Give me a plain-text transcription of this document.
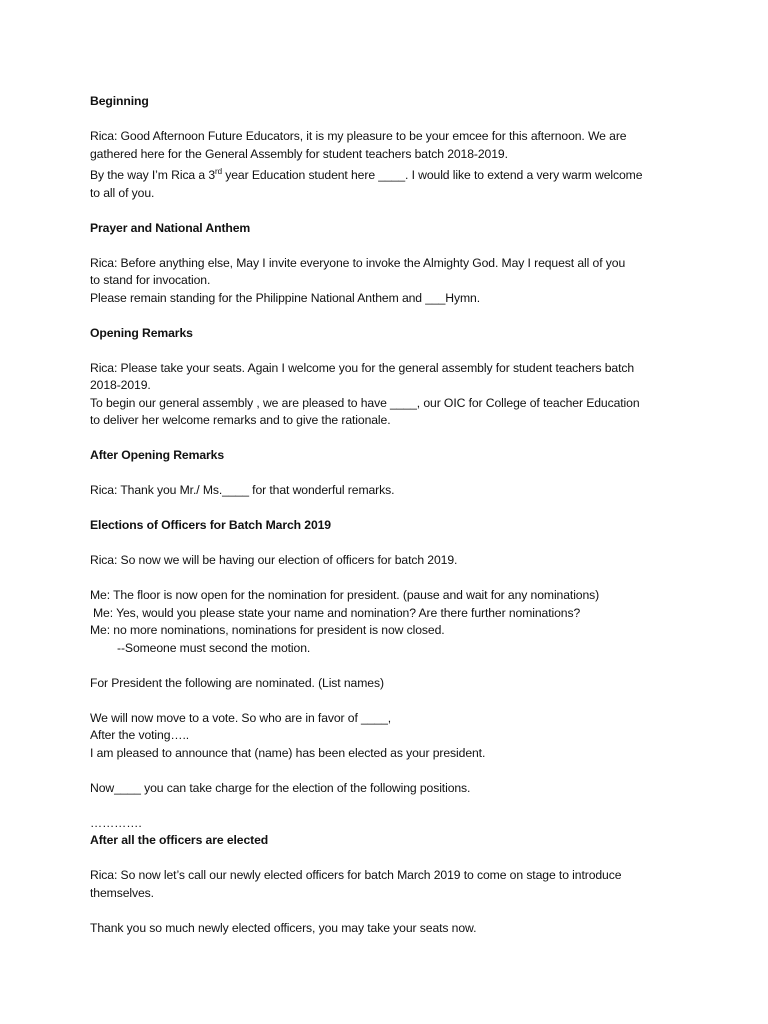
Beginning

Rica: Good Afternoon Future Educators, it is my pleasure to be your emcee for this afternoon. We are

gathered here for the General Assembly for student teachers batch 2018-2019.

By the way I’m Rica a 3rd year Education student here ____. I would like to extend a very warm welcome

to all of you.

Prayer and National Anthem

Rica: Before anything else, May I invite everyone to invoke the Almighty God. May I request all of you

to stand for invocation.

Please remain standing for the Philippine National Anthem and ___Hymn.

Opening Remarks

Rica: Please take your seats. Again I welcome you for the general assembly for student teachers batch

2018-2019.

To begin our general assembly , we are pleased to have ____, our OIC for College of teacher Education

to deliver her welcome remarks and to give the rationale.

After Opening Remarks

Rica: Thank you Mr./ Ms.____ for that wonderful remarks.

Elections of Officers for Batch March 2019

Rica: So now we will be having our election of officers for batch 2019.

Me: The floor is now open for the nomination for president. (pause and wait for any nominations)

Me: Yes, would you please state your name and nomination? Are there further nominations?

Me: no more nominations, nominations for president is now closed.

--Someone must second the motion.

For President the following are nominated. (List names)

We will now move to a vote. So who are in favor of ____,

After the voting…..

I am pleased to announce that (name) has been elected as your president.

Now____ you can take charge for the election of the following positions.

………….

After all the officers are elected

Rica: So now let’s call our newly elected officers for batch March 2019 to come on stage to introduce

themselves.

Thank you so much newly elected officers, you may take your seats now.
